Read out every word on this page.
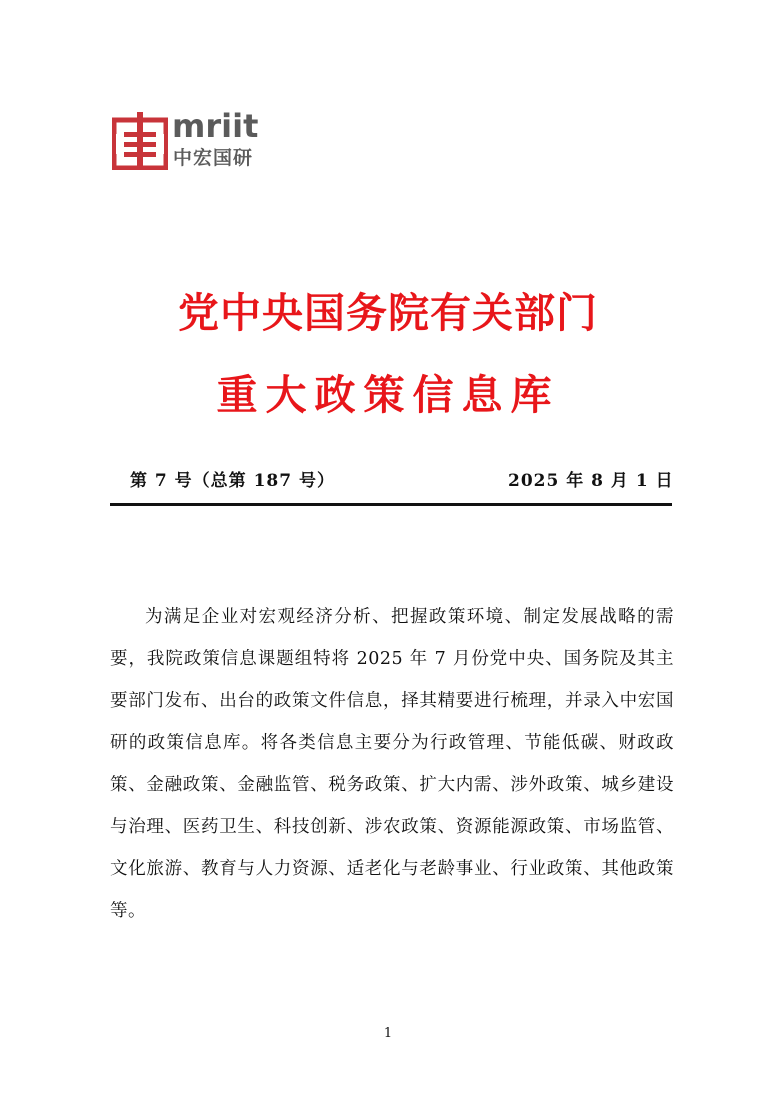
mriit
中宏国研
党中央国务院有关部门
重大政策信息库
第 7 号（总第 187 号）	2025 年 8 月 1 日

为满足企业对宏观经济分析、把握政策环境、制定发展战略的需要，我院政策信息课题组特将 2025 年 7 月份党中央、国务院及其主要部门发布、出台的政策文件信息，择其精要进行梳理，并录入中宏国研的政策信息库。将各类信息主要分为行政管理、节能低碳、财政政策、金融政策、金融监管、税务政策、扩大内需、涉外政策、城乡建设与治理、医药卫生、科技创新、涉农政策、资源能源政策、市场监管、文化旅游、教育与人力资源、适老化与老龄事业、行业政策、其他政策等。

1
